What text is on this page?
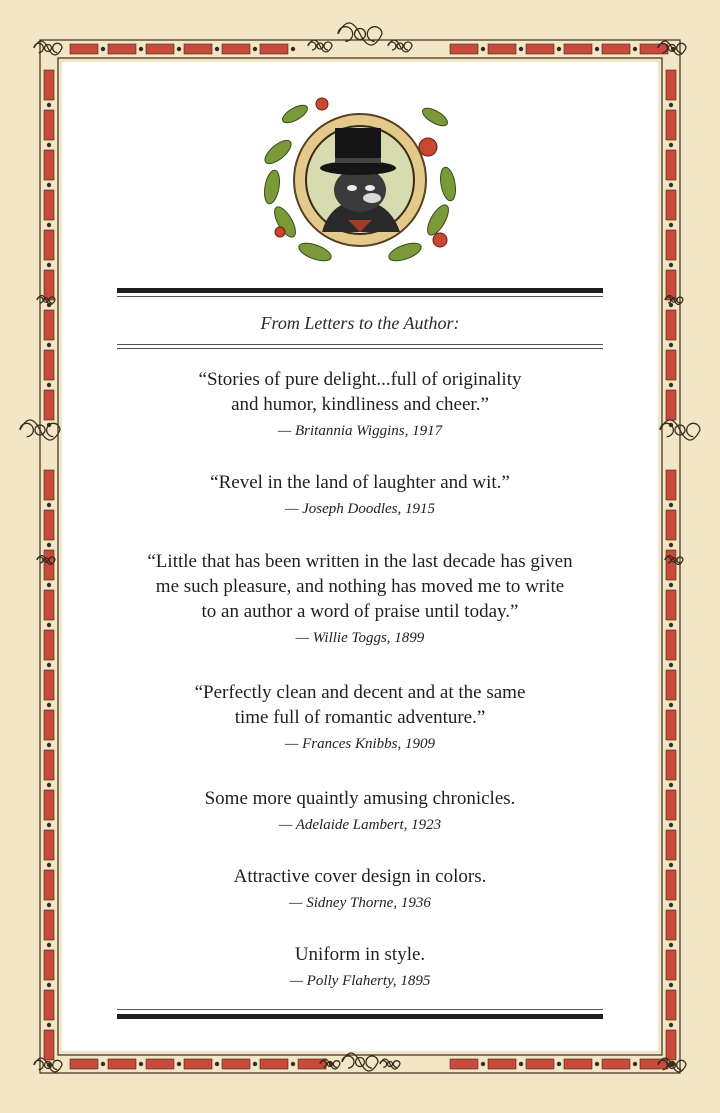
From Letters to the Author:
“Stories of pure delight...full of originality
and humor, kindliness and cheer.”
— Britannia Wiggins, 1917
“Revel in the land of laughter and wit.”
— Joseph Doodles, 1915
“Little that has been written in the last decade has given
me such pleasure, and nothing has moved me to write
to an author a word of praise until today.”
— Willie Toggs, 1899
“Perfectly clean and decent and at the same
time full of romantic adventure.”
— Frances Knibbs, 1909
Some more quaintly amusing chronicles.
— Adelaide Lambert, 1923
Attractive cover design in colors.
— Sidney Thorne, 1936
Uniform in style.
— Polly Flaherty, 1895
